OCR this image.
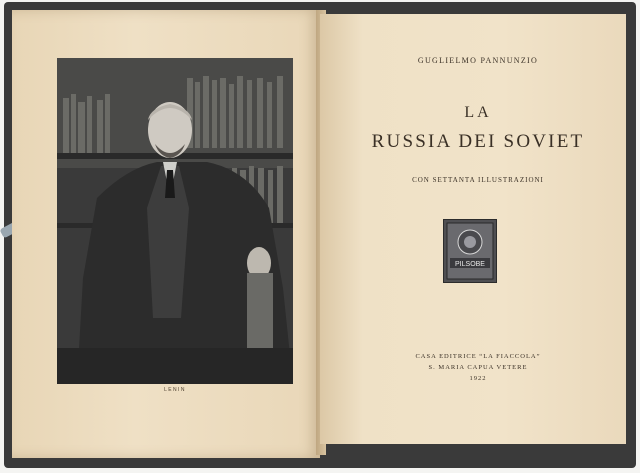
LENIN
GUGLIELMO PANNUNZIO
LA
RUSSIA DEI SOVIET
CON SETTANTA ILLUSTRAZIONI
PILSOBE
CASA EDITRICE “LA FIACCOLA”
S. MARIA CAPUA VETERE
1922
